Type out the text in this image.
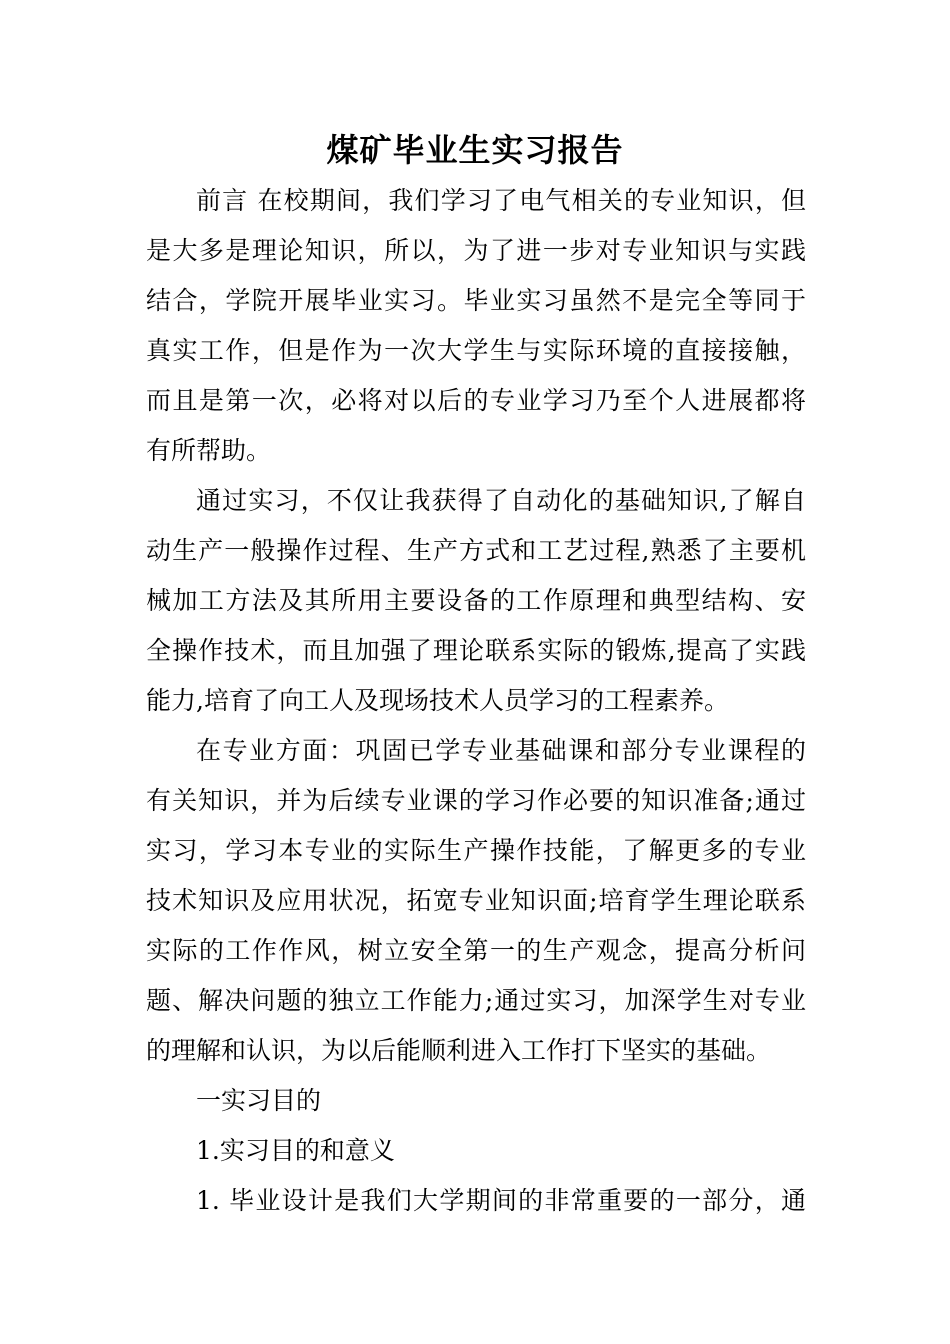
煤矿毕业生实习报告
前言 在校期间，我们学习了电气相关的专业知识，但
是大多是理论知识，所以，为了进一步对专业知识与实践
结合，学院开展毕业实习。毕业实习虽然不是完全等同于
真实工作，但是作为一次大学生与实际环境的直接接触，
而且是第一次，必将对以后的专业学习乃至个人进展都将
有所帮助。
通过实习，不仅让我获得了自动化的基础知识,了解自
动生产一般操作过程、生产方式和工艺过程,熟悉了主要机
械加工方法及其所用主要设备的工作原理和典型结构、安
全操作技术，而且加强了理论联系实际的锻炼,提高了实践
能力,培育了向工人及现场技术人员学习的工程素养。
在专业方面：巩固已学专业基础课和部分专业课程的
有关知识，并为后续专业课的学习作必要的知识准备;通过
实习，学习本专业的实际生产操作技能，了解更多的专业
技术知识及应用状况，拓宽专业知识面;培育学生理论联系
实际的工作作风，树立安全第一的生产观念，提高分析问
题、解决问题的独立工作能力;通过实习，加深学生对专业
的理解和认识，为以后能顺利进入工作打下坚实的基础。
一实习目的
1.实习目的和意义
1. 毕业设计是我们大学期间的非常重要的一部分，通
